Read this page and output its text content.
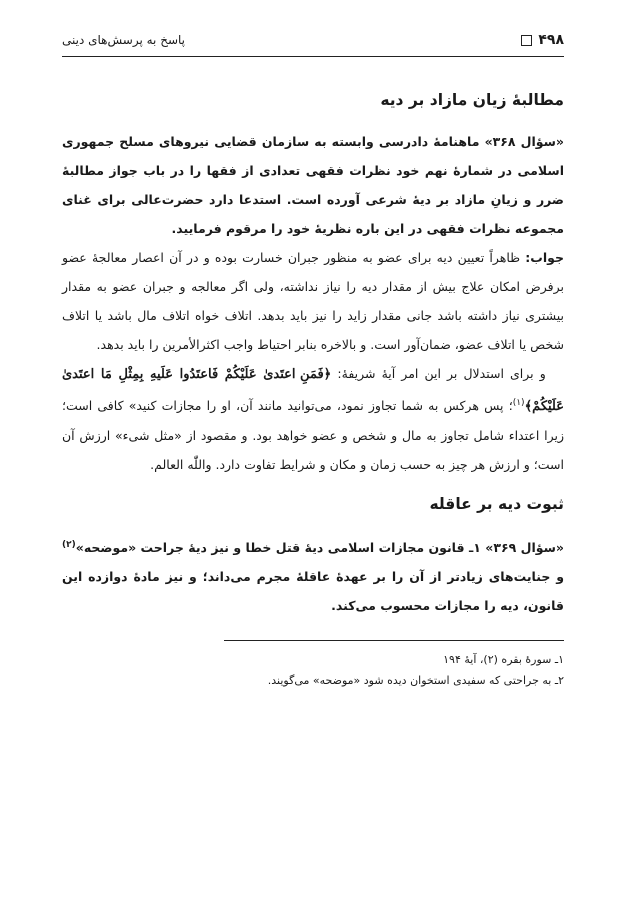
۴۹۸
پاسخ به پرسش‌های دینی
مطالبهٔ زیان مازاد بر دیه

«سؤال ۳۶۸» ماهنامهٔ دادرسی وابسته به سازمان قضایی نیروهای مسلح جمهوری اسلامی در شمارهٔ نهم خود نظرات فقهی تعدادی از فقها را در باب جواز مطالبهٔ ضرر و زیانِ مازاد بر دیهٔ شرعی آورده است. استدعا دارد حضرت‌عالی برای غنای مجموعه نظرات فقهی در این باره نظریهٔ خود را مرقوم فرمایید.

جواب: ظاهراً تعیین دیه برای عضو به منظور جبران خسارت بوده و در آن اعصار معالجهٔ عضو برفرض امکان علاج بیش از مقدار دیه را نیاز نداشته، ولی اگر معالجه و جبران عضو به مقدار بیشتری نیاز داشته باشد جانی مقدار زاید را نیز باید بدهد. اتلاف خواه اتلاف مال باشد یا اتلاف شخص یا اتلاف عضو، ضمان‌آور است. و بالاخره بنابر احتیاط واجب اکثرالأمرین را باید بدهد.

و برای استدلال بر این امر آیهٔ شریفهٔ: ﴿فَمَنِ اعتَدیٰ عَلَیْکُمْ فَاعتَدُوا عَلَیهِ بِمِثْلِ مَا اعتَدیٰ عَلَیْکُمْ﴾$^{(۱)}$؛ پس هرکس به شما تجاوز نمود، می‌توانید مانند آن، او را مجازات کنید» کافی است؛ زیرا اعتداء شامل تجاوز به مال و شخص و عضو خواهد بود. و مقصود از «مثل شیء» ارزش آن است؛ و ارزش هر چیز به حسب زمان و مکان و شرایط تفاوت دارد. واللّٰه العالم.

ثبوت دیه بر عاقله

«سؤال ۳۶۹» ۱ـ قانون مجازات اسلامی دیهٔ قتل خطا و نیز دیهٔ جراحت «موضحه»$^{(۲)}$ و جنایت‌های زیادتر از آن را بر عهدهٔ عاقلهٔ مجرم می‌داند؛ و نیز مادهٔ دوازده این قانون، دیه را مجازات محسوب می‌کند.

۱ـ سورهٔ بقره (۲)، آیهٔ ۱۹۴
۲ـ به جراحتی که سفیدی استخوان دیده شود «موضحه» می‌گویند.
